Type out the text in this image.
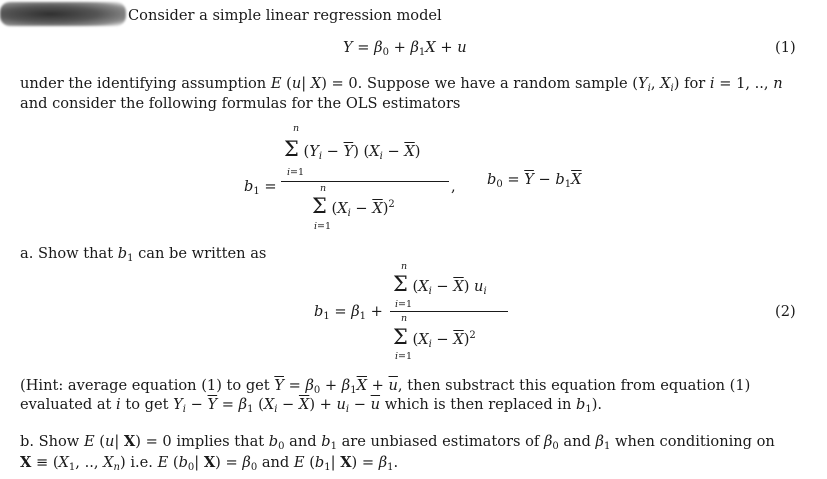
Consider a simple linear regression model
$Y = \beta_0 + \beta_1X + u$	(1)
under the identifying assumption E (u| X) = 0. Suppose we have a random sample ($Y_i$, $X_i$) for i = 1, .., n
and consider the following formulas for the OLS estimators
$b_1$ =
n
Σ $(Y_i - \overline{Y}) (X_i - \overline{X})$
i=1
n
Σ $(X_i - \overline{X})^2$
i=1
, $b_0 = \overline{Y} - b_1\overline{X}$
a. Show that $b_1$ can be written as
$b_1 = \beta_1$ +
n
Σ $(X_i - \overline{X})$ $u_i$
i=1
n
Σ $(X_i - \overline{X})^2$
i=1
(2)
(Hint: average equation (1) to get $\overline{Y} = \beta_0 + \beta_1\overline{X} + \overline{u}$, then substract this equation from equation (1)
evaluated at i to get $Y_i - \overline{Y} = \beta_1$ $(X_i - \overline{X}) + u_i - \overline{u}$ which is then replaced in $b_1$).
b. Show E (u| X) = 0 implies that $b_0$ and $b_1$ are unbiased estimators of $\beta_0$ and $\beta_1$ when conditioning on
$X \equiv (X_1$, .., $X_n$) i.e. E ($b_0|$ $X) = \beta_0$ and E ($b_1|$ $X) = \beta_1$.
